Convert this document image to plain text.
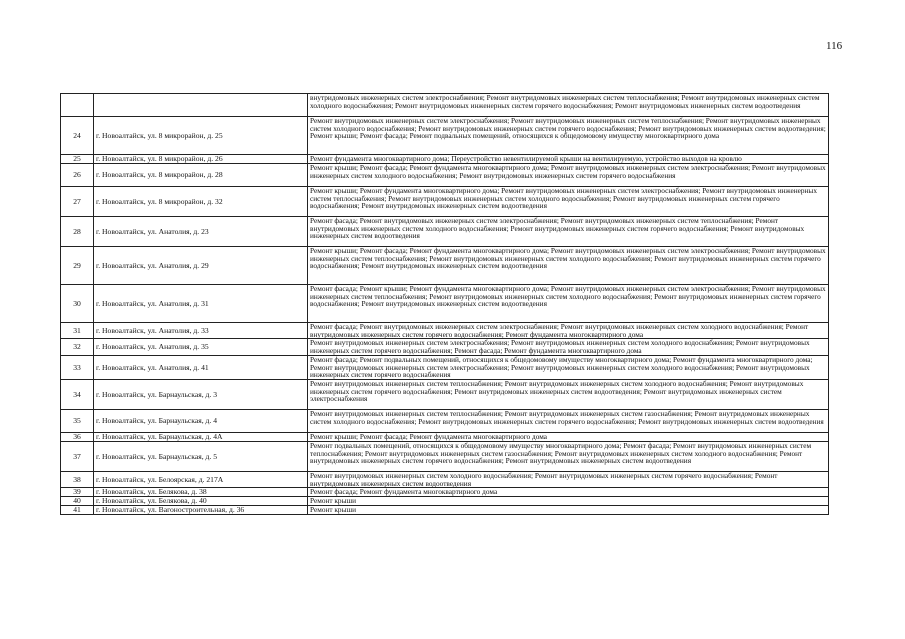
116
		внутридомовых инженерных систем электроснабжения; Ремонт внутридомовых инженерных систем теплоснабжения; Ремонт внутридомовых инженерных систем холодного водоснабжения; Ремонт внутридомовых инженерных систем горячего водоснабжения; Ремонт внутридомовых инженерных систем водоотведения
24	г. Новоалтайск, ул. 8 микрорайон, д. 25	Ремонт внутридомовых инженерных систем электроснабжения; Ремонт внутридомовых инженерных систем теплоснабжения; Ремонт внутридомовых инженерных систем холодного водоснабжения; Ремонт внутридомовых инженерных систем горячего водоснабжения; Ремонт внутридомовых инженерных систем водоотведения; Ремонт крыши; Ремонт фасада; Ремонт подвальных помещений, относящихся к общедомовому имуществу многоквартирного дома
25	г. Новоалтайск, ул. 8 микрорайон, д. 26	Ремонт фундамента многоквартирного дома; Переустройство невентилируемой крыши на вентилируемую, устройство выходов на кровлю
26	г. Новоалтайск, ул. 8 микрорайон, д. 28	Ремонт крыши; Ремонт фасада; Ремонт фундамента многоквартирного дома; Ремонт внутридомовых инженерных систем электроснабжения; Ремонт внутридомовых инженерных систем холодного водоснабжения; Ремонт внутридомовых инженерных систем горячего водоснабжения
27	г. Новоалтайск, ул. 8 микрорайон, д. 32	Ремонт крыши; Ремонт фундамента многоквартирного дома; Ремонт внутридомовых инженерных систем электроснабжения; Ремонт внутридомовых инженерных систем теплоснабжения; Ремонт внутридомовых инженерных систем холодного водоснабжения; Ремонт внутридомовых инженерных систем горячего водоснабжения; Ремонт внутридомовых инженерных систем водоотведения
28	г. Новоалтайск, ул. Анатолия, д. 23	Ремонт фасада; Ремонт внутридомовых инженерных систем электроснабжения; Ремонт внутридомовых инженерных систем теплоснабжения; Ремонт внутридомовых инженерных систем холодного водоснабжения; Ремонт внутридомовых инженерных систем горячего водоснабжения; Ремонт внутридомовых инженерных систем водоотведения
29	г. Новоалтайск, ул. Анатолия, д. 29	Ремонт крыши; Ремонт фасада; Ремонт фундамента многоквартирного дома; Ремонт внутридомовых инженерных систем электроснабжения; Ремонт внутридомовых инженерных систем теплоснабжения; Ремонт внутридомовых инженерных систем холодного водоснабжения; Ремонт внутридомовых инженерных систем горячего водоснабжения; Ремонт внутридомовых инженерных систем водоотведения
30	г. Новоалтайск, ул. Анатолия, д. 31	Ремонт фасада; Ремонт крыши; Ремонт фундамента многоквартирного дома; Ремонт внутридомовых инженерных систем электроснабжения; Ремонт внутридомовых инженерных систем теплоснабжения; Ремонт внутридомовых инженерных систем холодного водоснабжения; Ремонт внутридомовых инженерных систем горячего водоснабжения; Ремонт внутридомовых инженерных систем водоотведения
31	г. Новоалтайск, ул. Анатолия, д. 33	Ремонт фасада; Ремонт внутридомовых инженерных систем электроснабжения; Ремонт внутридомовых инженерных систем холодного водоснабжения; Ремонт внутридомовых инженерных систем горячего водоснабжения; Ремонт фундамента многоквартирного дома
32	г. Новоалтайск, ул. Анатолия, д. 35	Ремонт внутридомовых инженерных систем электроснабжения; Ремонт внутридомовых инженерных систем холодного водоснабжения; Ремонт внутридомовых инженерных систем горячего водоснабжения; Ремонт фасада; Ремонт фундамента многоквартирного дома
33	г. Новоалтайск, ул. Анатолия, д. 41	Ремонт фасада; Ремонт подвальных помещений, относящихся к общедомовому имуществу многоквартирного дома; Ремонт фундамента многоквартирного дома; Ремонт внутридомовых инженерных систем электроснабжения; Ремонт внутридомовых инженерных систем холодного водоснабжения; Ремонт внутридомовых инженерных систем горячего водоснабжения
34	г. Новоалтайск, ул. Барнаульская, д. 3	Ремонт внутридомовых инженерных систем теплоснабжения; Ремонт внутридомовых инженерных систем холодного водоснабжения; Ремонт внутридомовых инженерных систем горячего водоснабжения; Ремонт внутридомовых инженерных систем водоотведения; Ремонт внутридомовых инженерных систем электроснабжения
35	г. Новоалтайск, ул. Барнаульская, д. 4	Ремонт внутридомовых инженерных систем теплоснабжения; Ремонт внутридомовых инженерных систем газоснабжения; Ремонт внутридомовых инженерных систем холодного водоснабжения; Ремонт внутридомовых инженерных систем горячего водоснабжения; Ремонт внутридомовых инженерных систем водоотведения
36	г. Новоалтайск, ул. Барнаульская, д. 4А	Ремонт крыши; Ремонт фасада; Ремонт фундамента многоквартирного дома
37	г. Новоалтайск, ул. Барнаульская, д. 5	Ремонт подвальных помещений, относящихся к общедомовому имуществу многоквартирного дома; Ремонт фасада; Ремонт внутридомовых инженерных систем теплоснабжения; Ремонт внутридомовых инженерных систем газоснабжения; Ремонт внутридомовых инженерных систем холодного водоснабжения; Ремонт внутридомовых инженерных систем горячего водоснабжения; Ремонт внутридомовых инженерных систем водоотведения
38	г. Новоалтайск, ул. Белоярская, д. 217А	Ремонт внутридомовых инженерных систем холодного водоснабжения; Ремонт внутридомовых инженерных систем горячего водоснабжения; Ремонт внутридомовых инженерных систем водоотведения
39	г. Новоалтайск, ул. Белякова, д. 38	Ремонт фасада; Ремонт фундамента многоквартирного дома
40	г. Новоалтайск, ул. Белякова, д. 40	Ремонт крыши
41	г. Новоалтайск, ул. Вагоностроительная, д. 36	Ремонт крыши
